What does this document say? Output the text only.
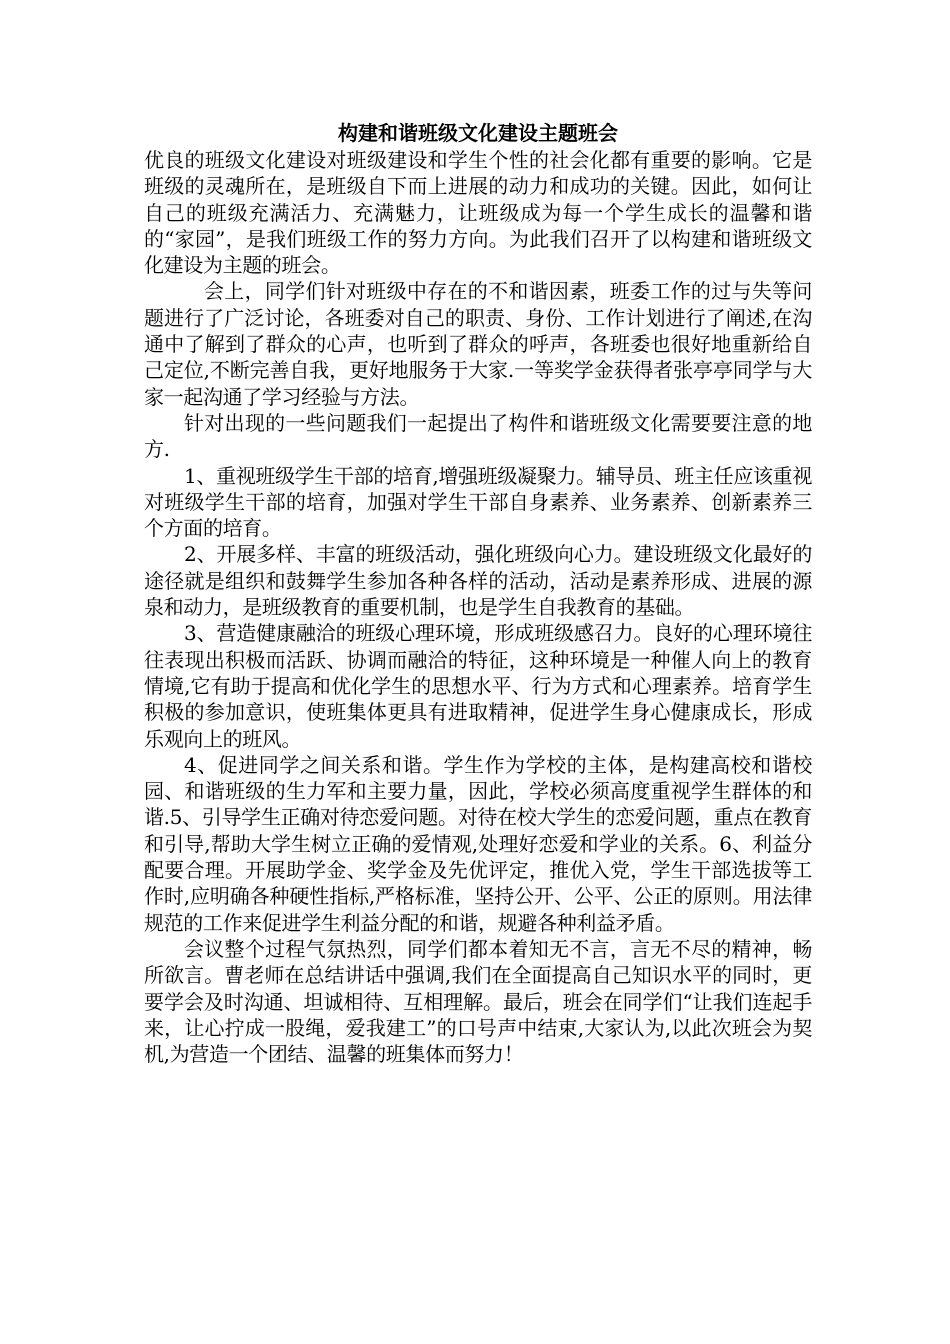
构建和谐班级文化建设主题班会

优良的班级文化建设对班级建设和学生个性的社会化都有重要的影响。它是班级的灵魂所在，是班级自下而上进展的动力和成功的关键。因此，如何让自己的班级充满活力、充满魅力，让班级成为每一个学生成长的温馨和谐的“家园”，是我们班级工作的努力方向。为此我们召开了以构建和谐班级文化建设为主题的班会。

会上，同学们针对班级中存在的不和谐因素，班委工作的过与失等问题进行了广泛讨论，各班委对自己的职责、身份、工作计划进行了阐述,在沟通中了解到了群众的心声，也听到了群众的呼声，各班委也很好地重新给自己定位,不断完善自我，更好地服务于大家.一等奖学金获得者张亭亭同学与大家一起沟通了学习经验与方法。

针对出现的一些问题我们一起提出了构件和谐班级文化需要要注意的地方.

1、重视班级学生干部的培育,增强班级凝聚力。辅导员、班主任应该重视对班级学生干部的培育，加强对学生干部自身素养、业务素养、创新素养三个方面的培育。

2、开展多样、丰富的班级活动，强化班级向心力。建设班级文化最好的途径就是组织和鼓舞学生参加各种各样的活动，活动是素养形成、进展的源泉和动力，是班级教育的重要机制，也是学生自我教育的基础。

3、营造健康融洽的班级心理环境，形成班级感召力。良好的心理环境往往表现出积极而活跃、协调而融洽的特征，这种环境是一种催人向上的教育情境,它有助于提高和优化学生的思想水平、行为方式和心理素养。培育学生积极的参加意识，使班集体更具有进取精神，促进学生身心健康成长，形成乐观向上的班风。

4、促进同学之间关系和谐。学生作为学校的主体，是构建高校和谐校园、和谐班级的生力军和主要力量，因此，学校必须高度重视学生群体的和谐.5、引导学生正确对待恋爱问题。对待在校大学生的恋爱问题，重点在教育和引导,帮助大学生树立正确的爱情观,处理好恋爱和学业的关系。6、利益分配要合理。开展助学金、奖学金及先优评定，推优入党，学生干部选拔等工作时,应明确各种硬性指标,严格标准，坚持公开、公平、公正的原则。用法律规范的工作来促进学生利益分配的和谐，规避各种利益矛盾。

会议整个过程气氛热烈，同学们都本着知无不言，言无不尽的精神，畅所欲言。曹老师在总结讲话中强调,我们在全面提高自己知识水平的同时，更要学会及时沟通、坦诚相待、互相理解。最后，班会在同学们“让我们连起手来，让心拧成一股绳，爱我建工”的口号声中结束,大家认为,以此次班会为契机,为营造一个团结、温馨的班集体而努力！
